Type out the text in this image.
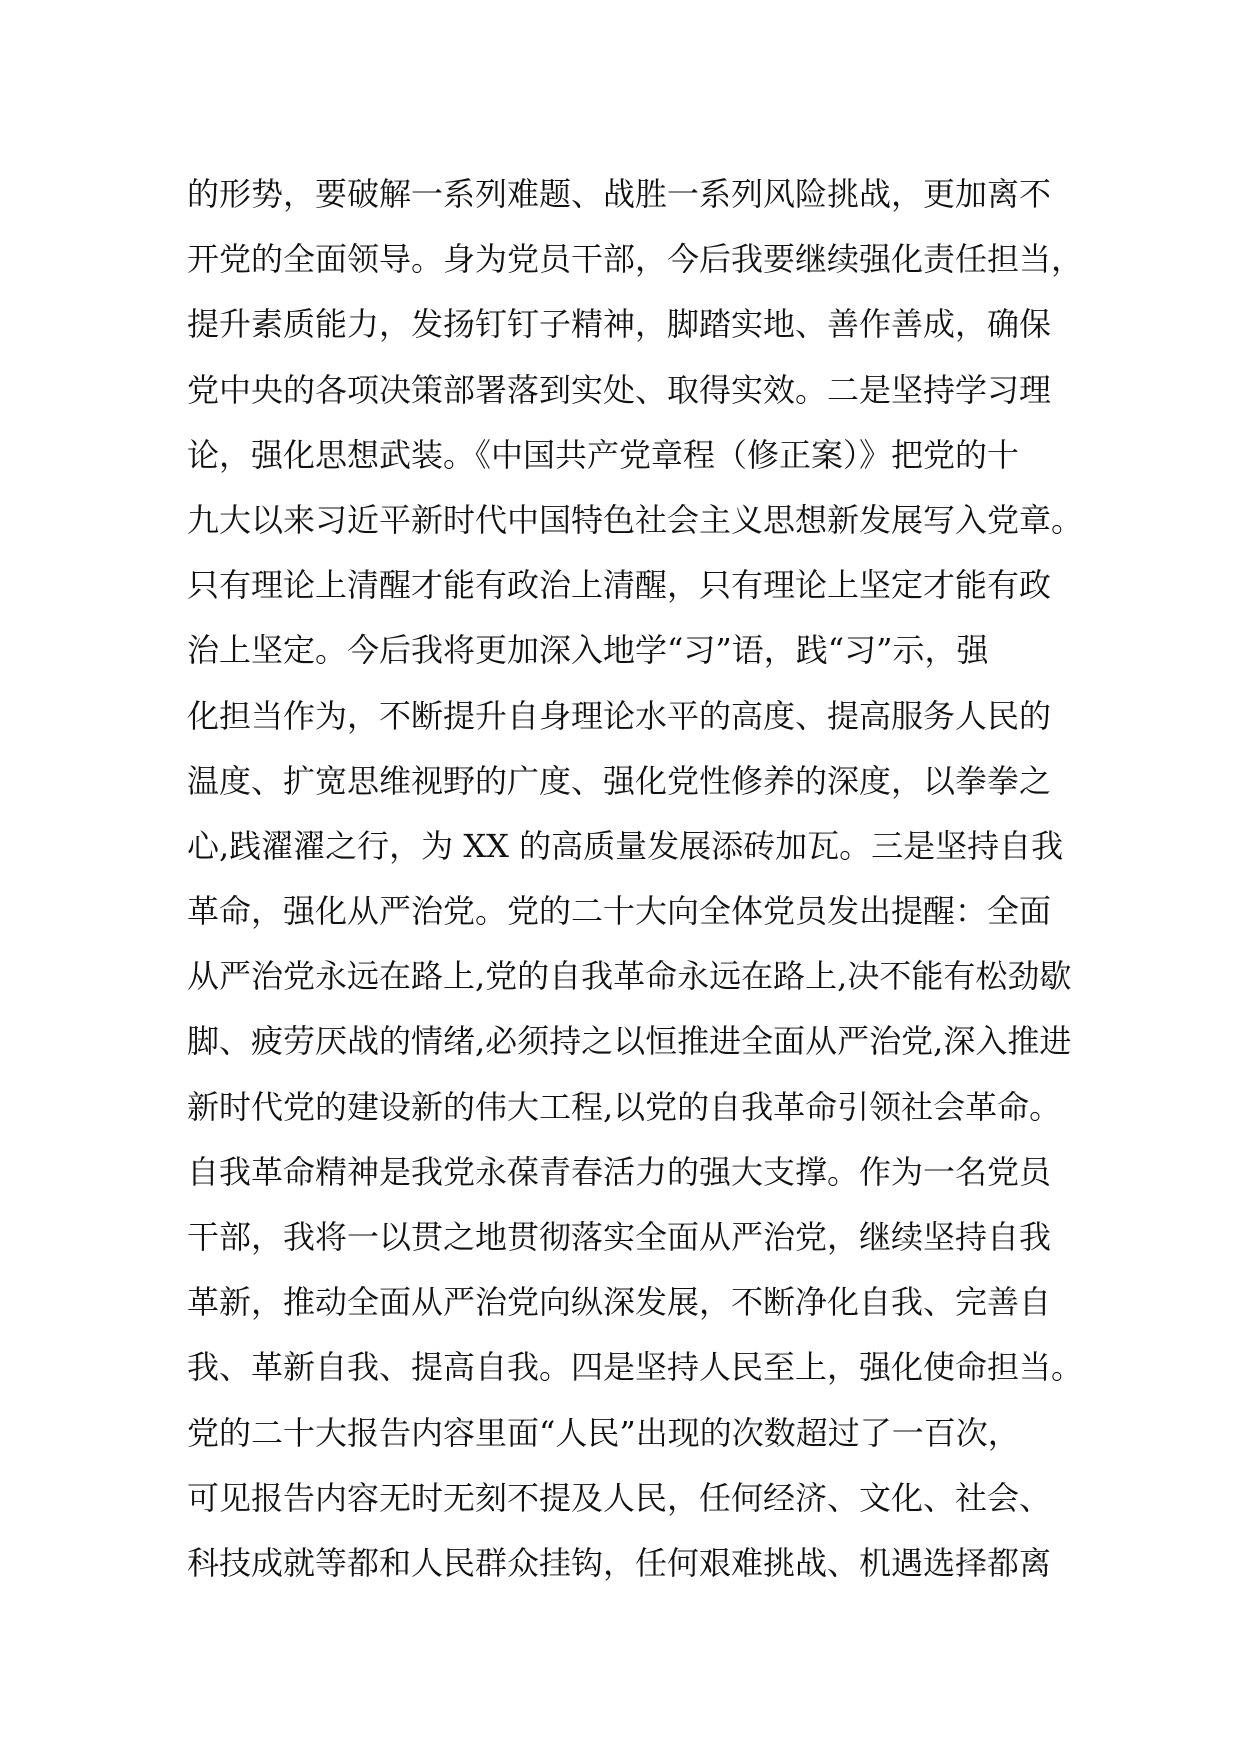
的形势，要破解一系列难题、战胜一系列风险挑战，更加离不
开党的全面领导。身为党员干部，今后我要继续强化责任担当，
提升素质能力，发扬钉钉子精神，脚踏实地、善作善成，确保
党中央的各项决策部署落到实处、取得实效。二是坚持学习理
论，强化思想武装。《中国共产党章程（修正案）》把党的十
九大以来习近平新时代中国特色社会主义思想新发展写入党章。
只有理论上清醒才能有政治上清醒，只有理论上坚定才能有政
治上坚定。今后我将更加深入地学“习”语，践“习”示，强
化担当作为，不断提升自身理论水平的高度、提高服务人民的
温度、扩宽思维视野的广度、强化党性修养的深度，以拳拳之
心,践濯濯之行，为 XX 的高质量发展添砖加瓦。三是坚持自我
革命，强化从严治党。党的二十大向全体党员发出提醒：全面
从严治党永远在路上,党的自我革命永远在路上,决不能有松劲歇
脚、疲劳厌战的情绪,必须持之以恒推进全面从严治党,深入推进
新时代党的建设新的伟大工程,以党的自我革命引领社会革命。
自我革命精神是我党永葆青春活力的强大支撑。作为一名党员
干部，我将一以贯之地贯彻落实全面从严治党，继续坚持自我
革新，推动全面从严治党向纵深发展，不断净化自我、完善自
我、革新自我、提高自我。四是坚持人民至上，强化使命担当。
党的二十大报告内容里面“人民”出现的次数超过了一百次，
可见报告内容无时无刻不提及人民，任何经济、文化、社会、
科技成就等都和人民群众挂钩，任何艰难挑战、机遇选择都离
